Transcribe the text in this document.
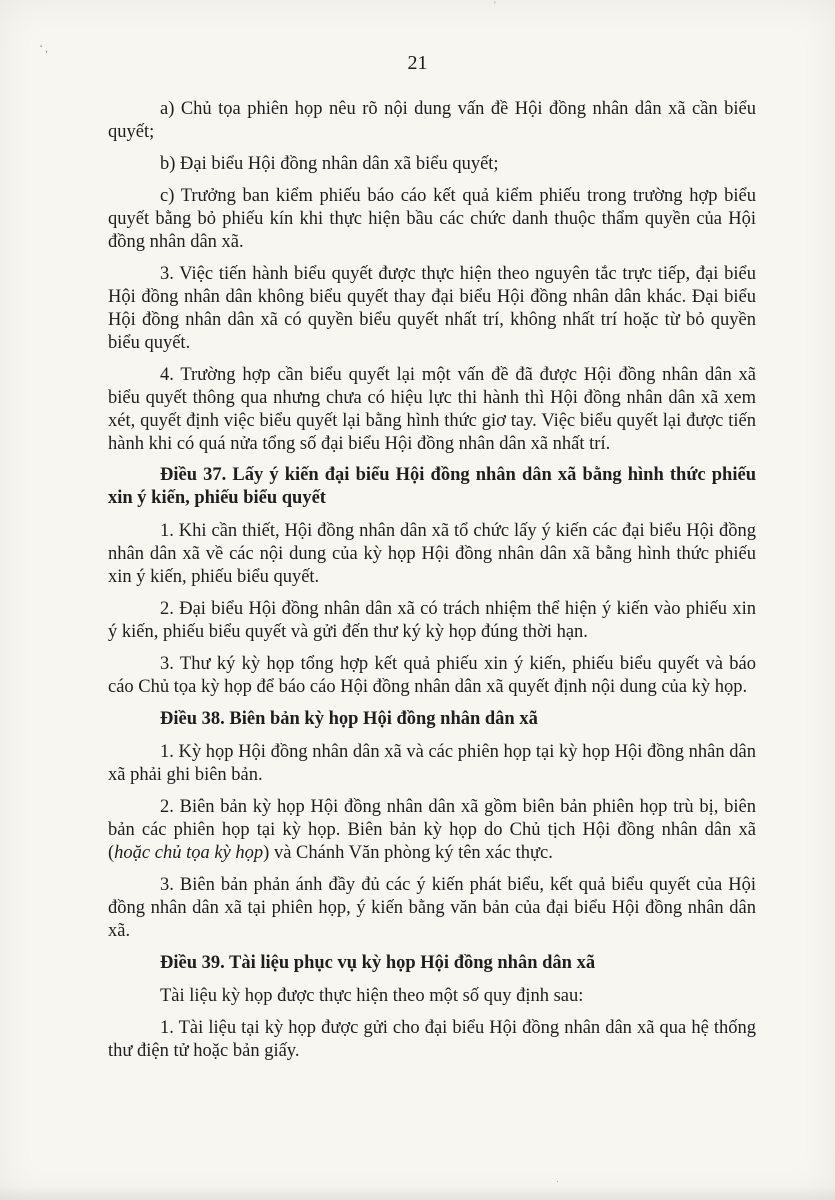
ʻ ,
'
21

a) Chủ tọa phiên họp nêu rõ nội dung vấn đề Hội đồng nhân dân xã cần biểu quyết;

b) Đại biểu Hội đồng nhân dân xã biểu quyết;

c) Trưởng ban kiểm phiếu báo cáo kết quả kiểm phiếu trong trường hợp biểu quyết bằng bỏ phiếu kín khi thực hiện bầu các chức danh thuộc thẩm quyền của Hội đồng nhân dân xã.

3. Việc tiến hành biểu quyết được thực hiện theo nguyên tắc trực tiếp, đại biểu Hội đồng nhân dân không biểu quyết thay đại biểu Hội đồng nhân dân khác. Đại biểu Hội đồng nhân dân xã có quyền biểu quyết nhất trí, không nhất trí hoặc từ bỏ quyền biểu quyết.

4. Trường hợp cần biểu quyết lại một vấn đề đã được Hội đồng nhân dân xã biểu quyết thông qua nhưng chưa có hiệu lực thi hành thì Hội đồng nhân dân xã xem xét, quyết định việc biểu quyết lại bằng hình thức giơ tay. Việc biểu quyết lại được tiến hành khi có quá nửa tổng số đại biểu Hội đồng nhân dân xã nhất trí.

Điều 37. Lấy ý kiến đại biểu Hội đồng nhân dân xã bằng hình thức phiếu xin ý kiến, phiếu biểu quyết

1. Khi cần thiết, Hội đồng nhân dân xã tổ chức lấy ý kiến các đại biểu Hội đồng nhân dân xã về các nội dung của kỳ họp Hội đồng nhân dân xã bằng hình thức phiếu xin ý kiến, phiếu biểu quyết.

2. Đại biểu Hội đồng nhân dân xã có trách nhiệm thể hiện ý kiến vào phiếu xin ý kiến, phiếu biểu quyết và gửi đến thư ký kỳ họp đúng thời hạn.

3. Thư ký kỳ họp tổng hợp kết quả phiếu xin ý kiến, phiếu biểu quyết và báo cáo Chủ tọa kỳ họp để báo cáo Hội đồng nhân dân xã quyết định nội dung của kỳ họp.

Điều 38. Biên bản kỳ họp Hội đồng nhân dân xã

1. Kỳ họp Hội đồng nhân dân xã và các phiên họp tại kỳ họp Hội đồng nhân dân xã phải ghi biên bản.

2. Biên bản kỳ họp Hội đồng nhân dân xã gồm biên bản phiên họp trù bị, biên bản các phiên họp tại kỳ họp. Biên bản kỳ họp do Chủ tịch Hội đồng nhân dân xã (hoặc chủ tọa kỳ họp) và Chánh Văn phòng ký tên xác thực.

3. Biên bản phản ánh đầy đủ các ý kiến phát biểu, kết quả biểu quyết của Hội đồng nhân dân xã tại phiên họp, ý kiến bằng văn bản của đại biểu Hội đồng nhân dân xã.

Điều 39. Tài liệu phục vụ kỳ họp Hội đồng nhân dân xã

Tài liệu kỳ họp được thực hiện theo một số quy định sau:

1. Tài liệu tại kỳ họp được gửi cho đại biểu Hội đồng nhân dân xã qua hệ thống thư điện tử hoặc bản giấy.

·
